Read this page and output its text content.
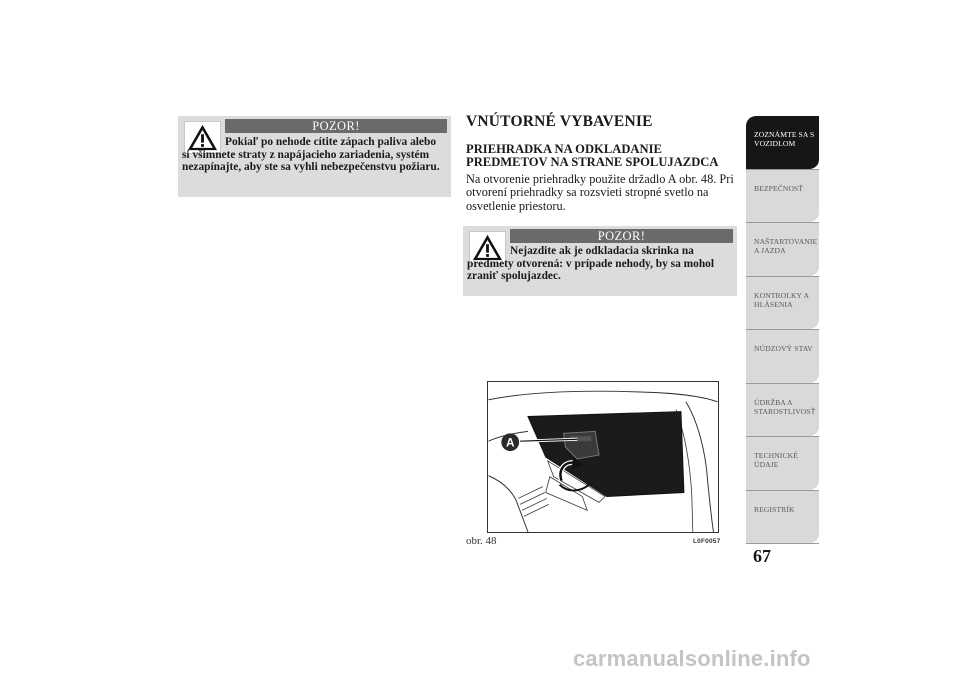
POZOR!

Pokiaľ po nehode cítite zápach paliva alebo si všimnete straty z napájacieho zariadenia, systém nezapínajte, aby ste sa vyhli nebezpečenstvu požiaru.

VNÚTORNÉ VYBAVENIE
PRIEHRADKA NA ODKLADANIE PREDMETOV NA STRANE SPOLUJAZDCA

Na otvorenie priehradky použite držadlo A obr. 48. Pri otvorení priehradky sa rozsvieti stropné svetlo na osvetlenie priestoru.

POZOR!

Nejazdite ak je odkladacia skrinka na predmety otvorená: v prípade nehody, by sa mohol zraniť spolujazdec.

A
obr. 48	L0F0057
ZOZNÁMTE SA S
VOZIDLOM
BEZPEČNOSŤ
NAŠTARTOVANIE
A JAZDA
KONTROLKY A
HLÁSENIA
NÚDZOVÝ STAV
ÚDRŽBA A
STAROSTLIVOSŤ
TECHNICKÉ
ÚDAJE
REGISTRÍK
67
carmanualsonline.info
